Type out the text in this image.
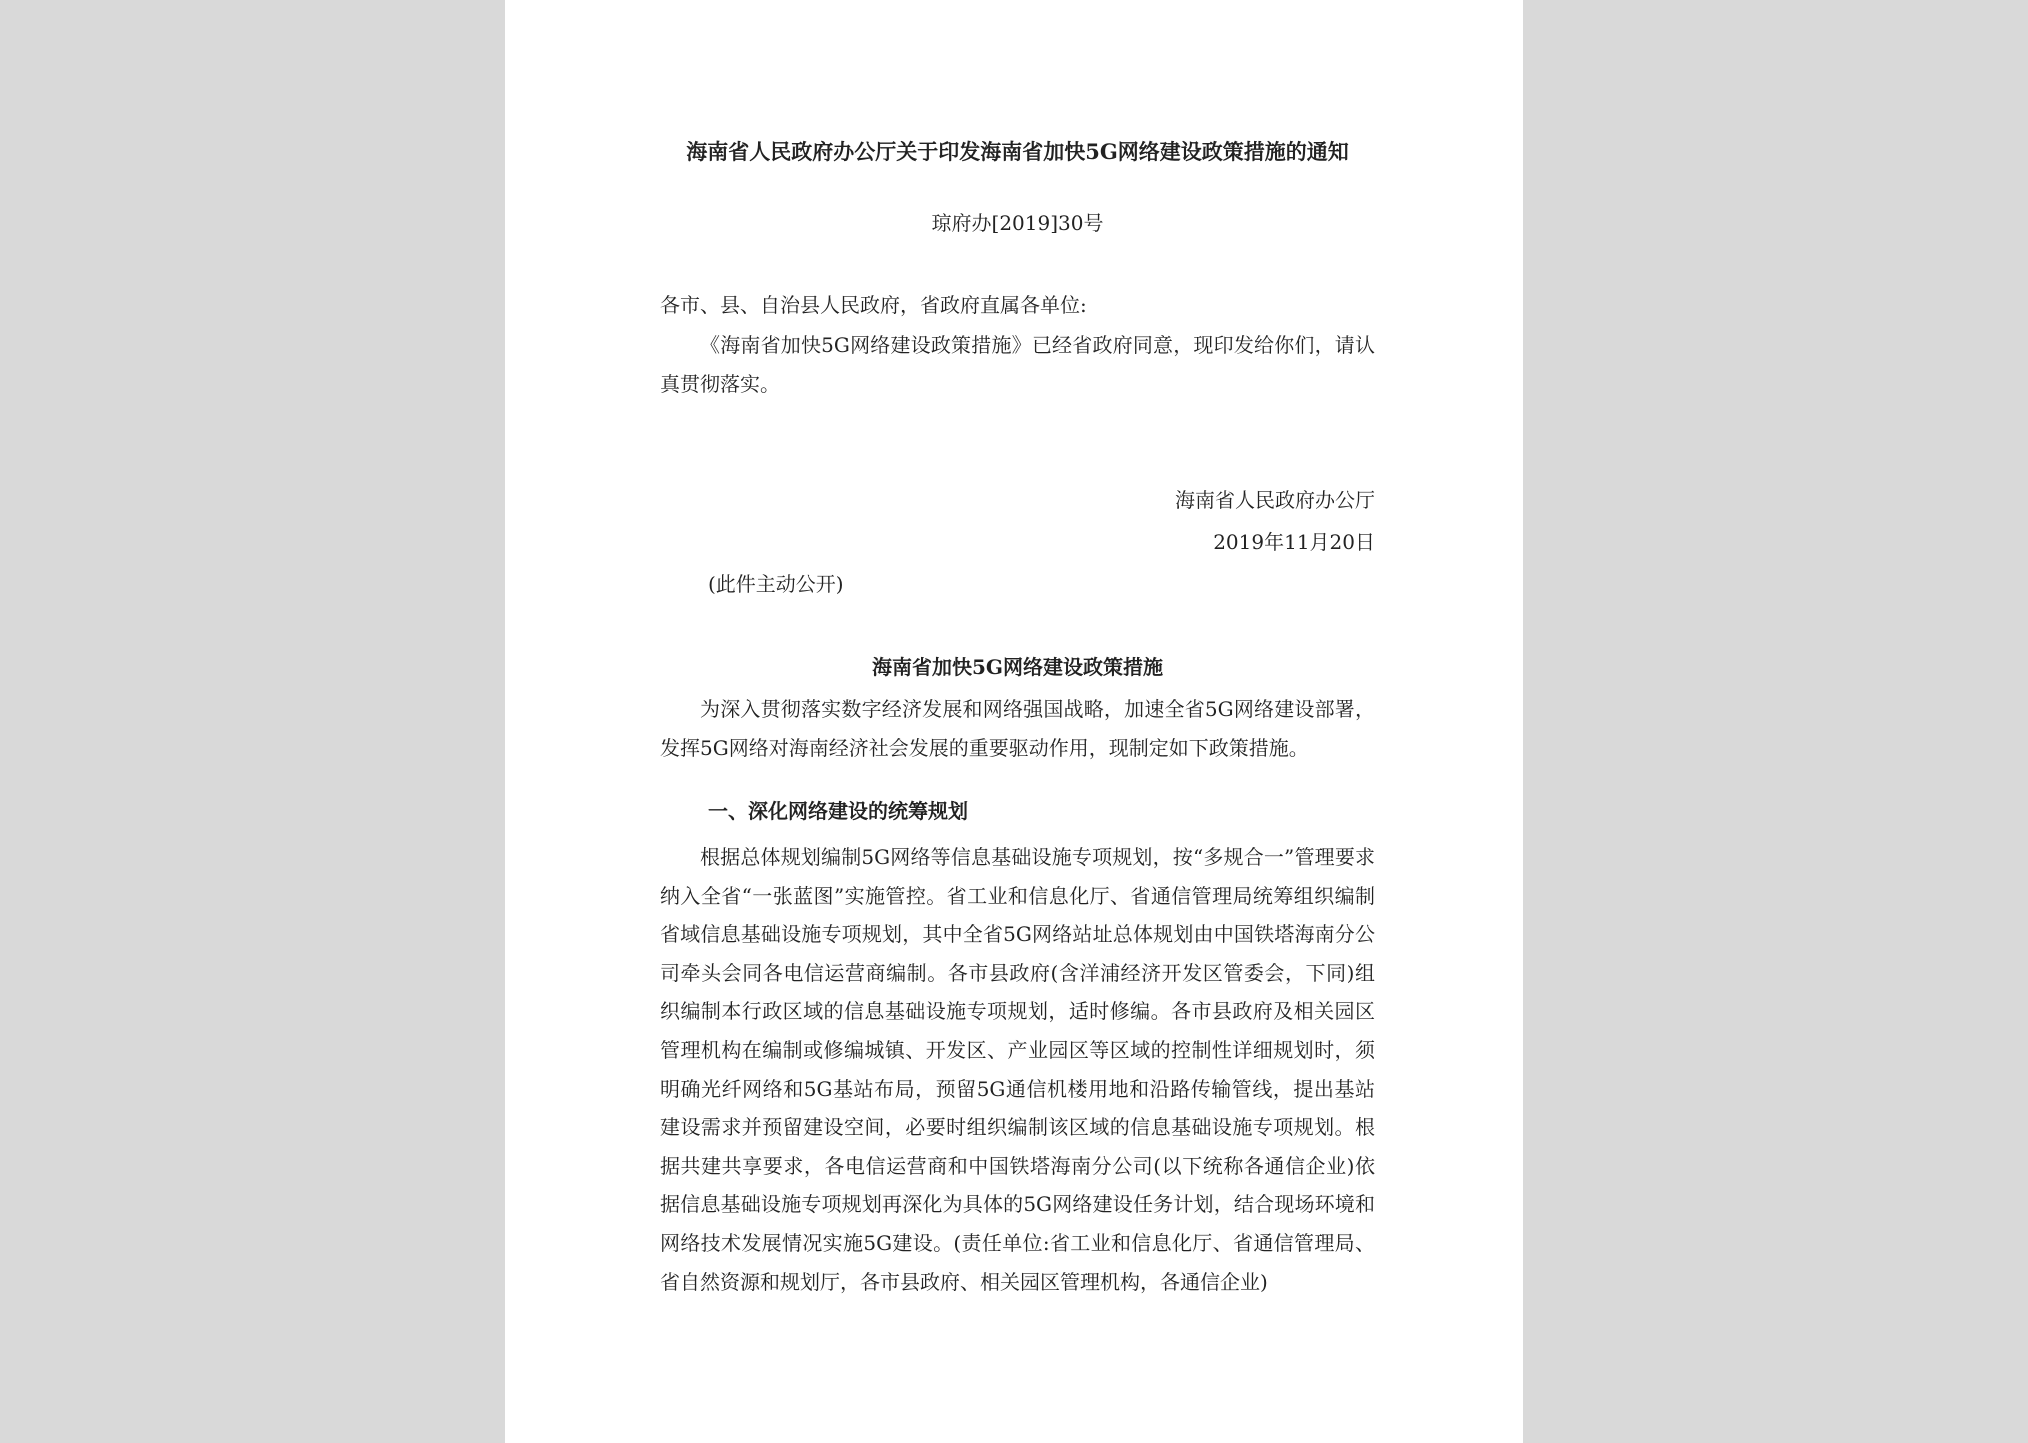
海南省人民政府办公厅关于印发海南省加快5G网络建设政策措施的通知

琼府办[2019]30号

各市、县、自治县人民政府，省政府直属各单位:

《海南省加快5G网络建设政策措施》已经省政府同意，现印发给你们，请认真贯彻落实。

海南省人民政府办公厅

2019年11月20日

(此件主动公开)

海南省加快5G网络建设政策措施

为深入贯彻落实数字经济发展和网络强国战略，加速全省5G网络建设部署，发挥5G网络对海南经济社会发展的重要驱动作用，现制定如下政策措施。

一、深化网络建设的统筹规划

根据总体规划编制5G网络等信息基础设施专项规划，按“多规合一”管理要求纳入全省“一张蓝图”实施管控。省工业和信息化厅、省通信管理局统筹组织编制省域信息基础设施专项规划，其中全省5G网络站址总体规划由中国铁塔海南分公司牵头会同各电信运营商编制。各市县政府(含洋浦经济开发区管委会，下同)组织编制本行政区域的信息基础设施专项规划，适时修编。各市县政府及相关园区管理机构在编制或修编城镇、开发区、产业园区等区域的控制性详细规划时，须明确光纤网络和5G基站布局，预留5G通信机楼用地和沿路传输管线，提出基站建设需求并预留建设空间，必要时组织编制该区域的信息基础设施专项规划。根据共建共享要求，各电信运营商和中国铁塔海南分公司(以下统称各通信企业)依据信息基础设施专项规划再深化为具体的5G网络建设任务计划，结合现场环境和网络技术发展情况实施5G建设。(责任单位:省工业和信息化厅、省通信管理局、省自然资源和规划厅，各市县政府、相关园区管理机构，各通信企业)
